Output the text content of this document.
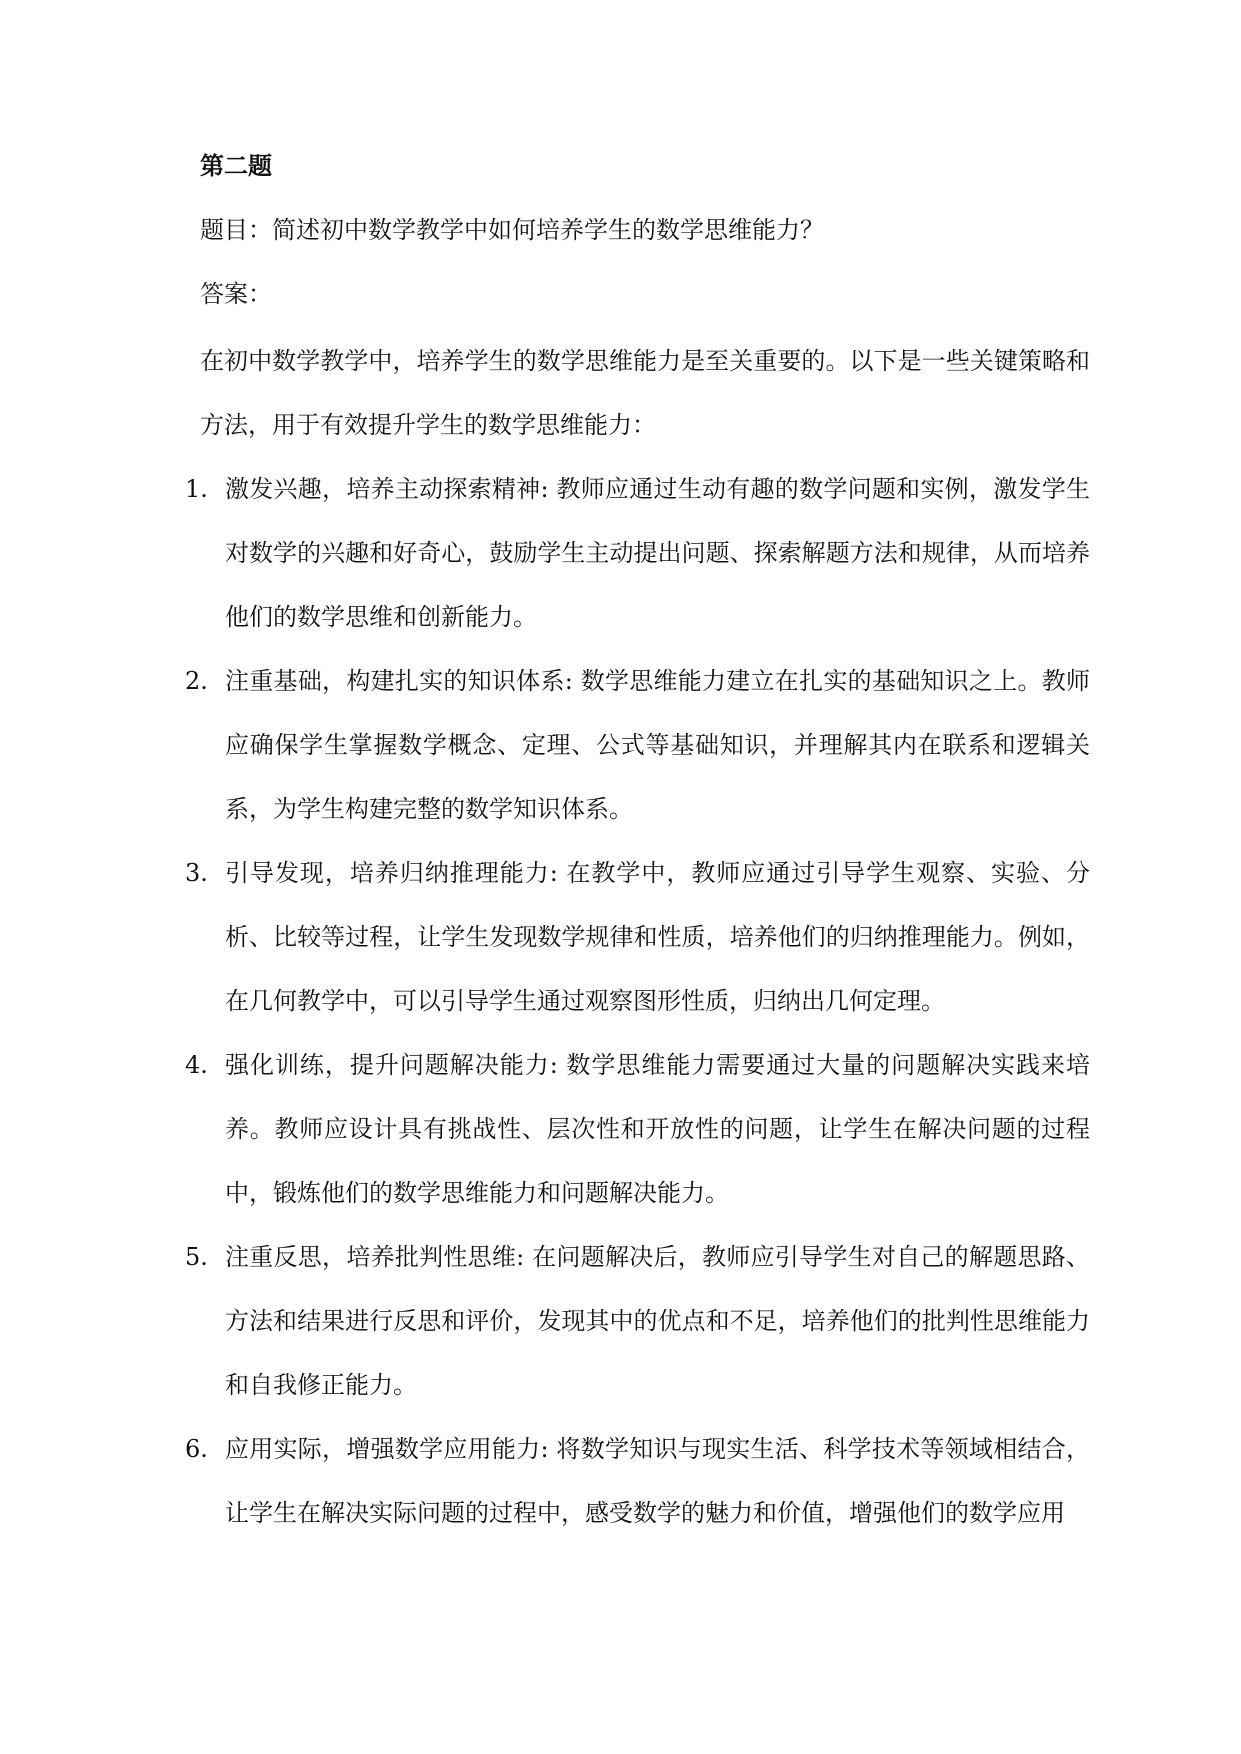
第二题

题目：简述初中数学教学中如何培养学生的数学思维能力？

答案：

在初中数学教学中，培养学生的数学思维能力是至关重要的。以下是一些关键策略和方法，用于有效提升学生的数学思维能力：

1. 激发兴趣，培养主动探索精神: 教师应通过生动有趣的数学问题和实例，激发学生对数学的兴趣和好奇心，鼓励学生主动提出问题、探索解题方法和规律，从而培养他们的数学思维和创新能力。
2. 注重基础，构建扎实的知识体系: 数学思维能力建立在扎实的基础知识之上。教师应确保学生掌握数学概念、定理、公式等基础知识，并理解其内在联系和逻辑关系，为学生构建完整的数学知识体系。
3. 引导发现，培养归纳推理能力: 在教学中，教师应通过引导学生观察、实验、分析、比较等过程，让学生发现数学规律和性质，培养他们的归纳推理能力。例如，在几何教学中，可以引导学生通过观察图形性质，归纳出几何定理。
4. 强化训练，提升问题解决能力: 数学思维能力需要通过大量的问题解决实践来培养。教师应设计具有挑战性、层次性和开放性的问题，让学生在解决问题的过程中，锻炼他们的数学思维能力和问题解决能力。
5. 注重反思，培养批判性思维: 在问题解决后，教师应引导学生对自己的解题思路、方法和结果进行反思和评价，发现其中的优点和不足，培养他们的批判性思维能力和自我修正能力。
6. 应用实际，增强数学应用能力: 将数学知识与现实生活、科学技术等领域相结合，让学生在解决实际问题的过程中，感受数学的魅力和价值，增强他们的数学应用
